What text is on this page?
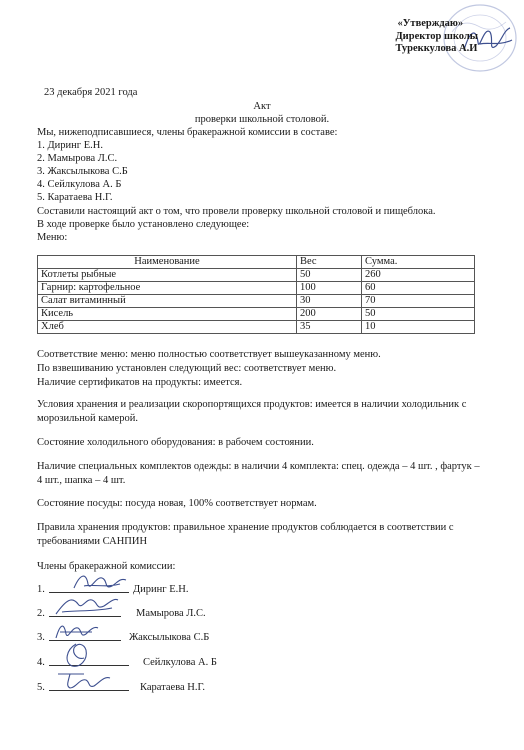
«Утверждаю»
Директор школы
Туреккулова А.И
23 декабря 2021 года
Акт
проверки школьной столовой.
Мы, нижеподписавшиеся, члены бракеражной комиссии в составе:
1. Диринг Е.Н.
2. Мамырова Л.С.
3. Жаксылыкова С.Б
4. Сейлкулова А. Б
5. Каратаева Н.Г.
Составили настоящий акт о том, что провели проверку школьной столовой и пищеблока.
В ходе проверке было установлено следующее:
Меню:
Наименование	Вес	Сумма.
Котлеты рыбные	50	260
Гарнир: картофельное	100	60
Салат витаминный	30	70
Кисель	200	50
Хлеб	35	10
Соответствие меню: меню полностью соответствует вышеуказанному меню.
По взвешиванию установлен следующий вес: соответствует меню.
Наличие сертификатов на продукты: имеется.
Условия хранения и реализации скоропортящихся продуктов: имеется в наличии холодильник с
морозильной камерой.
Состояние холодильного оборудования: в рабочем состоянии.
Наличие специальных комплектов одежды: в наличии 4 комплекта: спец. одежда – 4 шт. , фартук –
4 шт., шапка – 4 шт.
Состояние посуды: посуда новая, 100% соответствует нормам.
Правила хранения продуктов: правильное хранение продуктов соблюдается в соответствии с
требованиями САНПИН
Члены бракеражной комиссии:
1.	Диринг Е.Н.
2.	Мамырова Л.С.
3.	Жаксылыкова С.Б
4.	Сейлкулова А. Б
5.	Каратаева Н.Г.
